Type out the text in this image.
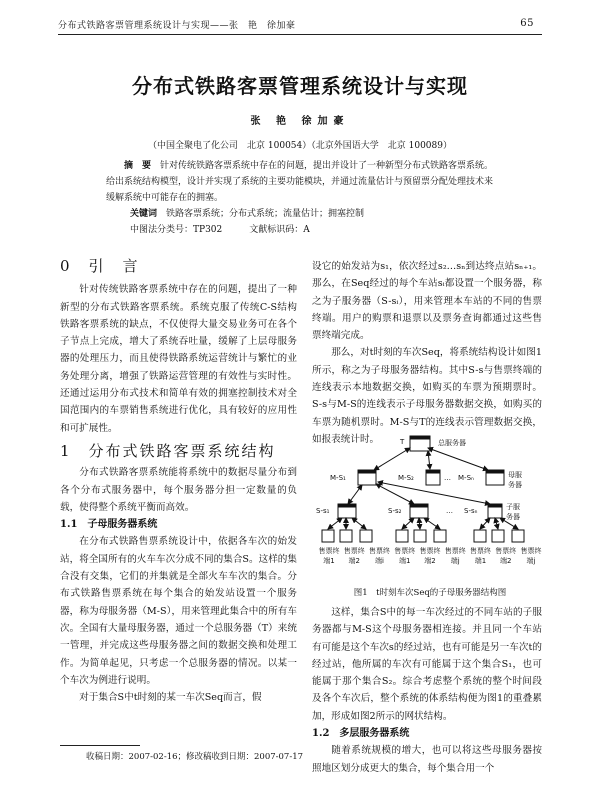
分布式铁路客票管理系统设计与实现——张　艳　徐加豪	65
分布式铁路客票管理系统设计与实现
张 艳 徐加豪
（中国全聚电了化公司　北京 100054）（北京外国语大学　北京 100089）

摘　要　 针对传统铁路客票系统中存在的问题，提出并设计了一种新型分布式铁路客票系统。给出系统结构模型，设计并实现了系统的主要功能模块，并通过流量估计与预留票分配处理技术来缓解系统中可能存在的拥塞。

关键词　 铁路客票系统；分布式系统；流量估计；拥塞控制
中图法分类号：TP302　　　	文献标识码：A
0　引　言

针对传统铁路客票系统中存在的问题，提出了一种新型的分布式铁路客票系统。系统克服了传统C-S结构铁路客票系统的缺点，不仅使得大量交易业务可在各个子节点上完成，增大了系统吞吐量，缓解了上层母服务器的处理压力，而且使得铁路系统运营统计与繁忙的业务处理分离，增强了铁路运营管理的有效性与实时性。还通过运用分布式技术和简单有效的拥塞控制技术对全国范围内的车票销售系统进行优化，具有较好的应用性和可扩展性。

1　分布式铁路客票系统结构

分布式铁路客票系统能将系统中的数据尽量分布到各个分布式服务器中，每个服务器分担一定数量的负载，使得整个系统平衡而高效。

1.1　子母服务器系统

在分布式铁路售票系统设计中，依据各车次的始发站，将全国所有的火车车次分成不同的集合S。这样的集合没有交集，它们的并集就是全部火车车次的集合。分布式铁路售票系统在每个集合的始发站设置一个服务器，称为母服务器（M-S），用来管理此集合中的所有车次。全国有大量母服务器，通过一个总服务器（T）来统一管理，并完成这些母服务器之间的数据交换和处理工作。为简单起见，只考虑一个总服务器的情况。以某一个车次为例进行说明。

对于集合S中t时刻的某一车次Seq而言，假

设它的始发站为s₁，依次经过s₂…sₙ到达终点站sₙ₊₁。那么，在Seq经过的每个车站sᵢ都设置一个服务器，称之为子服务器（S-sᵢ），用来管理本车站的不同的售票终端。用户的购票和退票以及票务查询都通过这些售票终端完成。

那么，对t时刻的车次Seq，将系统结构设计如图1所示，称之为子母服务器结构。其中S-s与售票终端的连线表示本地数据交换，如购买的车票为预期票时。S-s与M-S的连线表示子母服务器数据交换，如购买的车票为随机票时。M-S与T的连线表示管理数据交换，如报表统计时。	T	总服务器
M-S₁	M-S₂	… M-Sₙ	母服务器
S-s₁	S-s₂	… S-sₙ	子服务器
售票终端1
售票终端2
售票终端i
售票终端1
售票终端2
售票终端j
售票终端1
售票终端2
售票终端j
图1　t时刻车次Seq的子母服务器结构图

这样，集合S中的每一车次经过的不同车站的子服务器都与M-S这个母服务器相连接。并且同一个车站有可能是这个车次s的经过站，也有可能是另一车次t的经过站，他所属的车次有可能属于这个集合S₁，也可能属于那个集合S₂。综合考虑整个系统的整个时间段及各个车次后，整个系统的体系结构便为图1的重叠累加，形成如图2所示的网状结构。

1.2　多层服务器系统

随着系统规模的增大，也可以将这些母服务器按照地区划分成更大的集合，每个集合用一个

收稿日期：2007-02-16；修改稿收到日期：2007-07-17
